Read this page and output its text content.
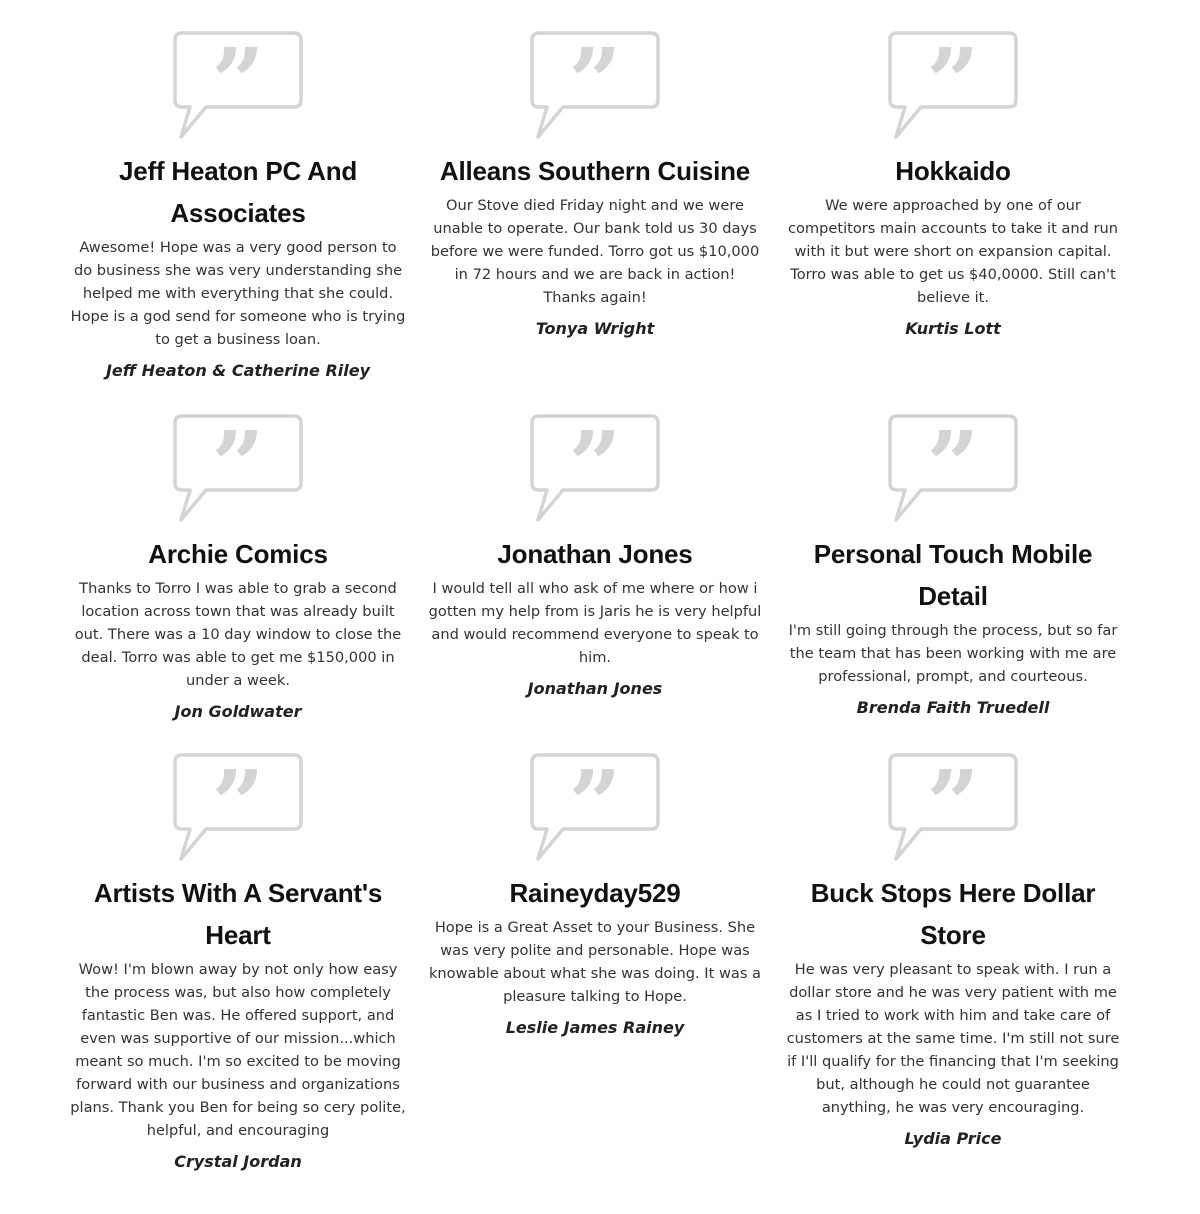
”
Jeff Heaton PC And Associates
Awesome! Hope was a very good person to do business she was very understanding she helped me with everything that she could. Hope is a god send for someone who is trying to get a business loan.
Jeff Heaton & Catherine Riley
”
Alleans Southern Cuisine
Our Stove died Friday night and we were unable to operate. Our bank told us 30 days before we were funded. Torro got us $10,000 in 72 hours and we are back in action! Thanks again!
Tonya Wright
”
Hokkaido
We were approached by one of our competitors main accounts to take it and run with it but were short on expansion capital. Torro was able to get us $40,0000. Still can't believe it.
Kurtis Lott
”
Archie Comics
Thanks to Torro I was able to grab a second location across town that was already built out. There was a 10 day window to close the deal. Torro was able to get me $150,000 in under a week.
Jon Goldwater
”
Jonathan Jones
I would tell all who ask of me where or how i gotten my help from is Jaris he is very helpful and would recommend everyone to speak to him.
Jonathan Jones
”
Personal Touch Mobile Detail
I'm still going through the process, but so far the team that has been working with me are professional, prompt, and courteous.
Brenda Faith Truedell
”
Artists With A Servant's Heart
Wow! I'm blown away by not only how easy the process was, but also how completely fantastic Ben was. He offered support, and even was supportive of our mission...which meant so much. I'm so excited to be moving forward with our business and organizations plans. Thank you Ben for being so cery polite, helpful, and encouraging
Crystal Jordan
”
Raineyday529
Hope is a Great Asset to your Business. She was very polite and personable. Hope was knowable about what she was doing. It was a pleasure talking to Hope.
Leslie James Rainey
”
Buck Stops Here Dollar Store
He was very pleasant to speak with. I run a dollar store and he was very patient with me as I tried to work with him and take care of customers at the same time. I'm still not sure if I'll qualify for the financing that I'm seeking but, although he could not guarantee anything, he was very encouraging.
Lydia Price
